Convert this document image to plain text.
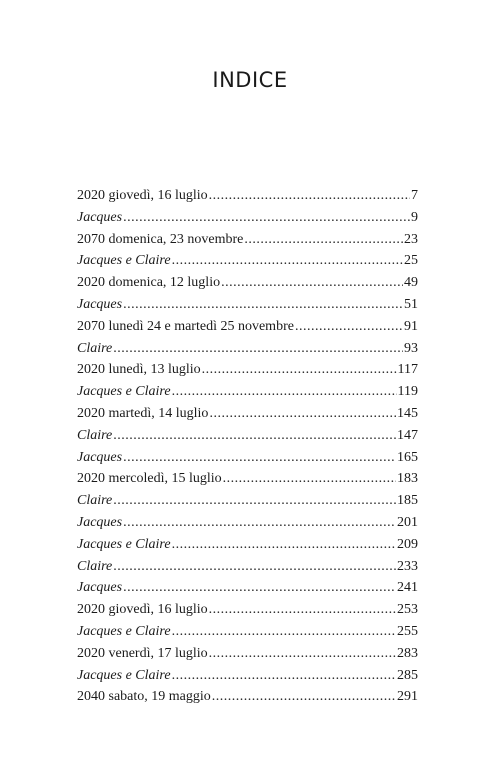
INDICE
2020 giovedì, 16 luglio .....	7
Jacques .....	9
2070 domenica, 23 novembre .....	23
Jacques e Claire .....	25
2020 domenica, 12 luglio .....	49
Jacques .....	51
2070 lunedì 24 e martedì 25 novembre .....	91
Claire .....	93
2020 lunedì, 13 luglio .....	117
Jacques e Claire .....	119
2020 martedì, 14 luglio .....	145
Claire .....	147
Jacques .....	165
2020 mercoledì, 15 luglio .....	183
Claire .....	185
Jacques .....	201
Jacques e Claire .....	209
Claire .....	233
Jacques .....	241
2020 giovedì, 16 luglio .....	253
Jacques e Claire .....	255
2020 venerdì, 17 luglio .....	283
Jacques e Claire .....	285
2040 sabato, 19 maggio .....	291
